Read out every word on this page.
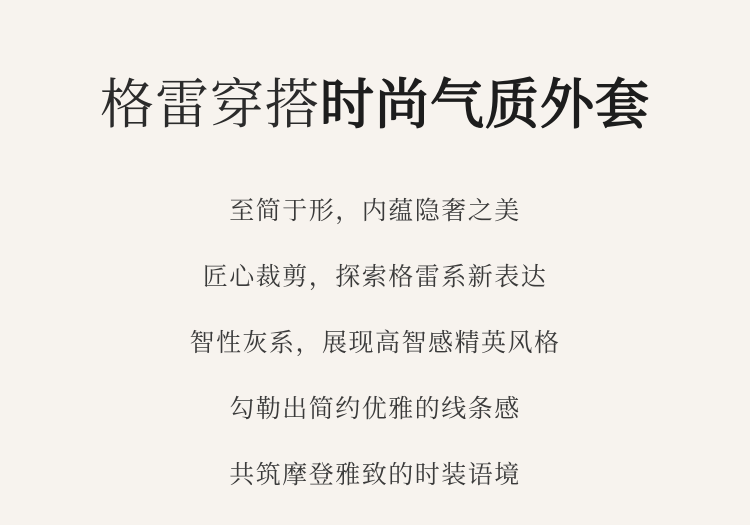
格雷穿搭 时尚气质外套
至简于形，内蕴隐奢之美
匠心裁剪，探索格雷系新表达
智性灰系，展现高智感精英风格
勾勒出简约优雅的线条感
共筑摩登雅致的时装语境
